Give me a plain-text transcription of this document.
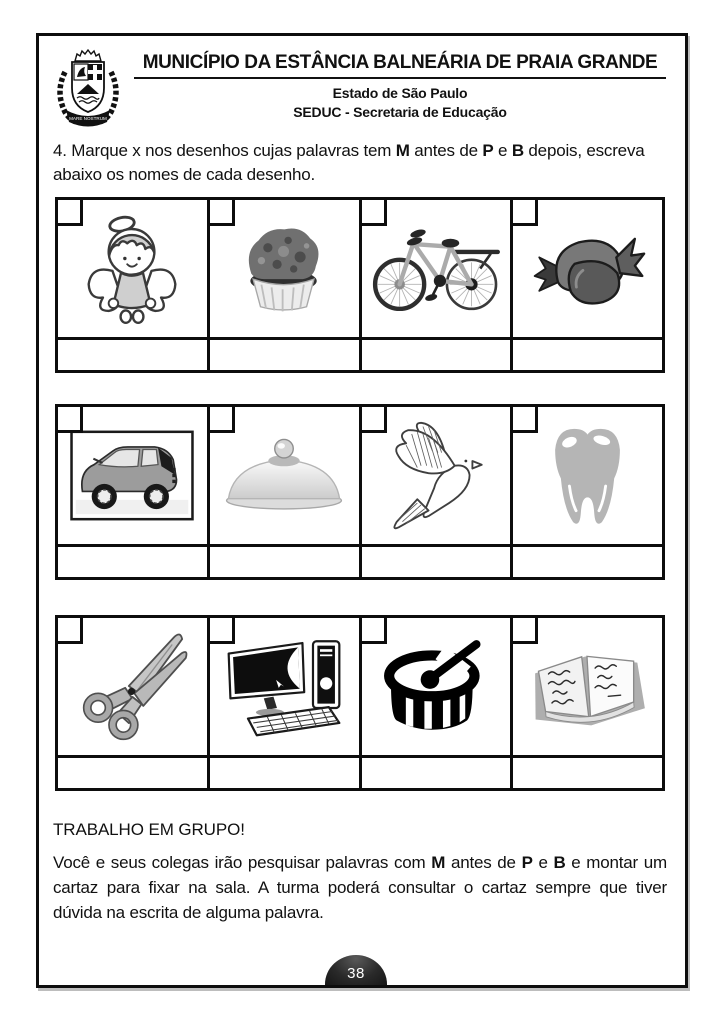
MARE NOSTRUM
MUNICÍPIO DA ESTÂNCIA BALNEÁRIA DE PRAIA GRANDE
Estado de São Paulo
SEDUC - Secretaria de Educação

4. Marque x nos desenhos cujas palavras tem M antes de P e B depois, escreva abaixo os nomes de cada desenho.

TRABALHO EM GRUPO!

Você e seus colegas irão pesquisar palavras com M antes de P e B e montar um cartaz para fixar na sala. A turma poderá consultar o cartaz sempre que tiver dúvida na escrita de alguma palavra.

38
